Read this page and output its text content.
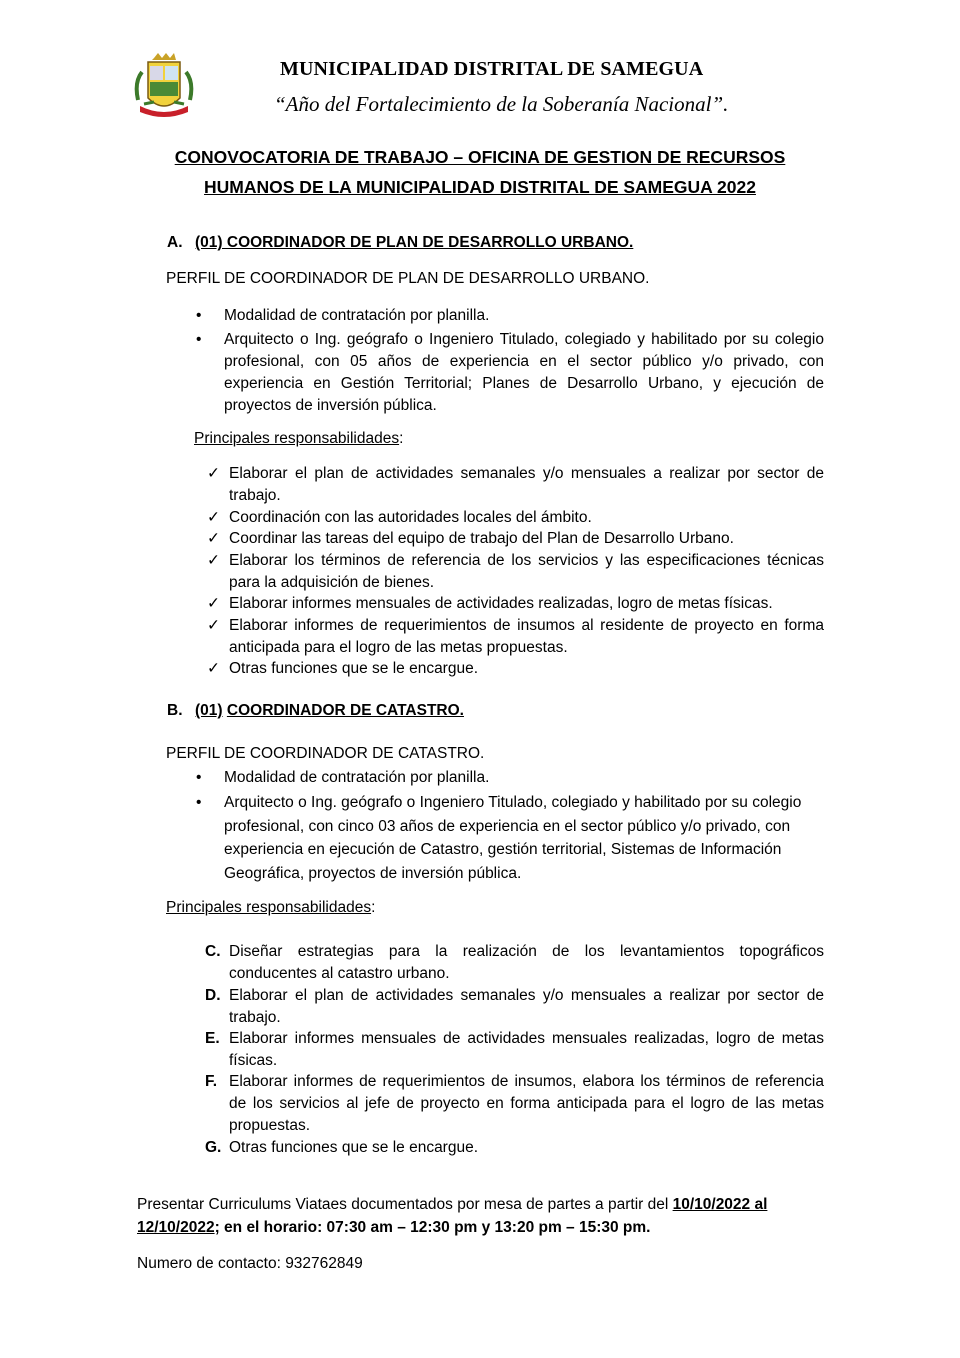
MUNICIPALIDAD DISTRITAL DE SAMEGUA
“Año del Fortalecimiento de la Soberanía Nacional”.
CONOVOCATORIA DE TRABAJO – OFICINA DE GESTION DE RECURSOS
HUMANOS DE LA MUNICIPALIDAD DISTRITAL DE SAMEGUA 2022
A. (01) COORDINADOR DE PLAN DE DESARROLLO URBANO.
PERFIL DE COORDINADOR DE PLAN DE DESARROLLO URBANO.
• Modalidad de contratación por planilla.
• Arquitecto o Ing. geógrafo o Ingeniero Titulado, colegiado y habilitado por su colegio profesional, con 05 años de experiencia en el sector público y/o privado, con experiencia en Gestión Territorial; Planes de Desarrollo Urbano, y ejecución de proyectos de inversión pública.
Principales responsabilidades:
✓ Elaborar el plan de actividades semanales y/o mensuales a realizar por sector de trabajo.
✓ Coordinación con las autoridades locales del ámbito.
✓ Coordinar las tareas del equipo de trabajo del Plan de Desarrollo Urbano.
✓ Elaborar los términos de referencia de los servicios y las especificaciones técnicas para la adquisición de bienes.
✓ Elaborar informes mensuales de actividades realizadas, logro de metas físicas.
✓ Elaborar informes de requerimientos de insumos al residente de proyecto en forma anticipada para el logro de las metas propuestas.
✓ Otras funciones que se le encargue.
B. (01) COORDINADOR DE CATASTRO.
PERFIL DE COORDINADOR DE CATASTRO.
• Modalidad de contratación por planilla.
• Arquitecto o Ing. geógrafo o Ingeniero Titulado, colegiado y habilitado por su colegio profesional, con cinco 03 años de experiencia en el sector público y/o privado, con experiencia en ejecución de Catastro, gestión territorial, Sistemas de Información Geográfica, proyectos de inversión pública.
Principales responsabilidades:
C. Diseñar estrategias para la realización de los levantamientos topográficos conducentes al catastro urbano.
D. Elaborar el plan de actividades semanales y/o mensuales a realizar por sector de trabajo.
E. Elaborar informes mensuales de actividades mensuales realizadas, logro de metas físicas.
F. Elaborar informes de requerimientos de insumos, elabora los términos de referencia de los servicios al jefe de proyecto en forma anticipada para el logro de las metas propuestas.
G. Otras funciones que se le encargue.
Presentar Curriculums Viataes documentados por mesa de partes a partir del 10/10/2022 al 12/10/2022; en el horario: 07:30 am – 12:30 pm y 13:20 pm – 15:30 pm.
Numero de contacto: 932762849
